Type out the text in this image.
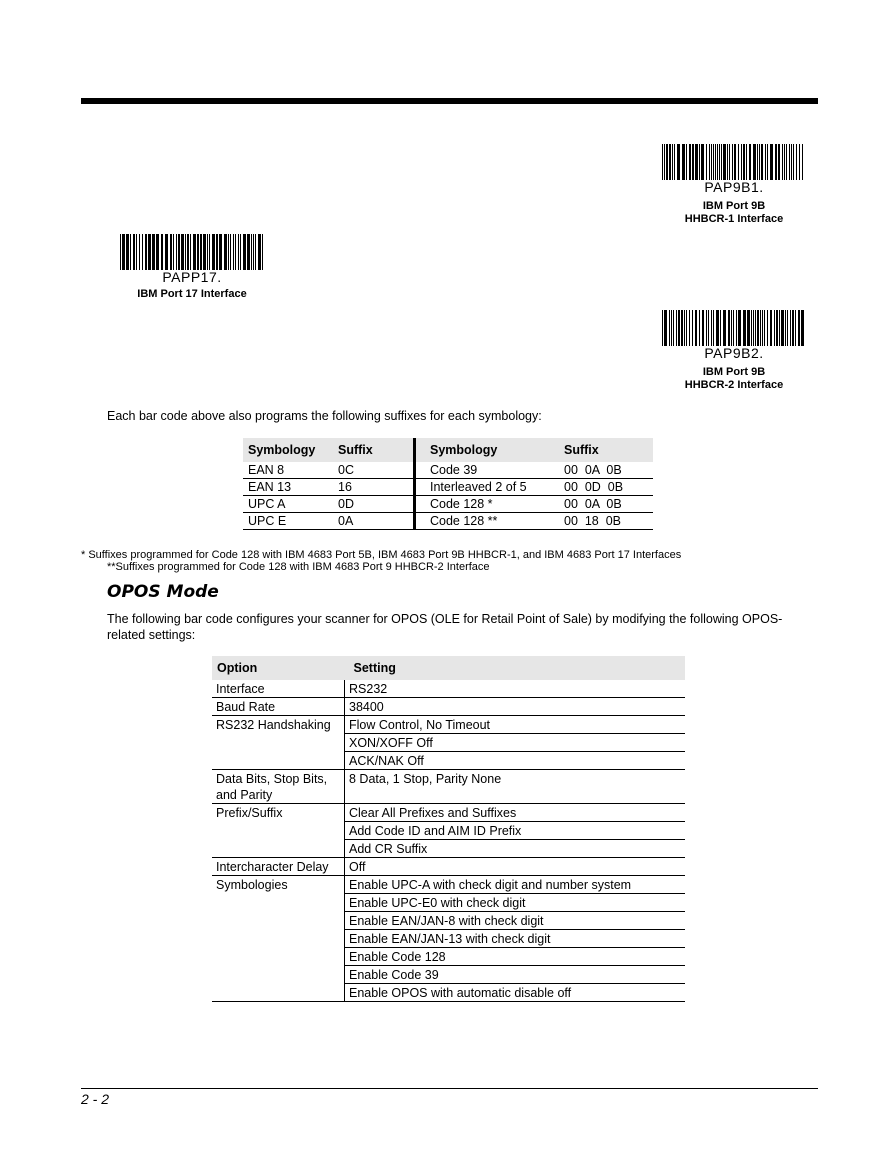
PAP9B1.
IBM Port 9B
HHBCR-1 Interface
PAPP17.
IBM Port 17 Interface
PAP9B2.
IBM Port 9B
HHBCR-2 Interface
Each bar code above also programs the following suffixes for each symbology:
Symbology	Suffix	Symbology	Suffix
EAN 8	0C	Code 39	00  0A  0B
EAN 13	16	Interleaved 2 of 5	00  0D  0B
UPC A	0D	Code 128 *	00  0A  0B
UPC E	0A	Code 128 **	00  18  0B
* Suffixes programmed for Code 128 with IBM 4683 Port 5B, IBM 4683 Port 9B HHBCR-1, and IBM 4683 Port 17 Interfaces
**Suffixes programmed for Code 128 with IBM 4683 Port 9 HHBCR-2 Interface
OPOS Mode
The following bar code configures your scanner for OPOS (OLE for Retail Point of Sale) by modifying the following OPOS-related settings:
Option	Setting
Interface	RS232
Baud Rate	38400
RS232 Handshaking	Flow Control, No Timeout
	XON/XOFF Off
	ACK/NAK Off
Data Bits, Stop Bits, and Parity	8 Data, 1 Stop, Parity None
Prefix/Suffix	Clear All Prefixes and Suffixes
	Add Code ID and AIM ID Prefix
	Add CR Suffix
Intercharacter Delay	Off
Symbologies	Enable UPC-A with check digit and number system
	Enable UPC-E0 with check digit
	Enable EAN/JAN-8 with check digit
	Enable EAN/JAN-13 with check digit
	Enable Code 128
	Enable Code 39
	Enable OPOS with automatic disable off
2 - 2
